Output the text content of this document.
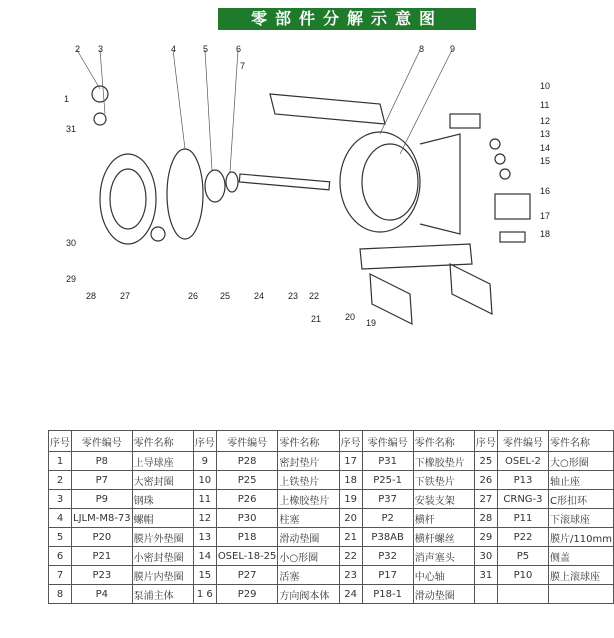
零部件分解示意图
1
2 3	4	5	6
7
8	9
10
11
12
13
14
15
16
17
18
19
20
21
22
23
24
25
26
27
28
29
30
31
序号	零件编号	零件名称	序号	零件编号	零件名称	序号	零件编号	零件名称	序号	零件编号	零件名称
1	P8	上导球座	9	P28	密封垫片	17	P31	下橡胶垫片	25	OSEL-2	大○形圈
2	P7	大密封圈	10	P25	上铁垫片	18	P25-1	下铁垫片	26	P13	轴止座
3	P9	钢珠	11	P26	上橡胶垫片	19	P37	安装支架	27	CRNG-3	C形扣环
4	LJLM-M8-73	螺帽	12	P30	柱塞	20	P2	横杆	28	P11	下滚球座
5	P20	膜片外垫圈	13	P18	滑动垫圈	21	P38AB	横杆螺丝	29	P22	膜片/110mm
6	P21	小密封垫圈	14	OSEL-18-25	小○形圈	22	P32	消声塞头	30	P5	侧盖
7	P23	膜片内垫圈	15	P27	活塞	23	P17	中心轴	31	P10	膜上滚球座
8	P4	泵浦主体	1 6	P29	方向阀本体	24	P18-1	滑动垫圈			
